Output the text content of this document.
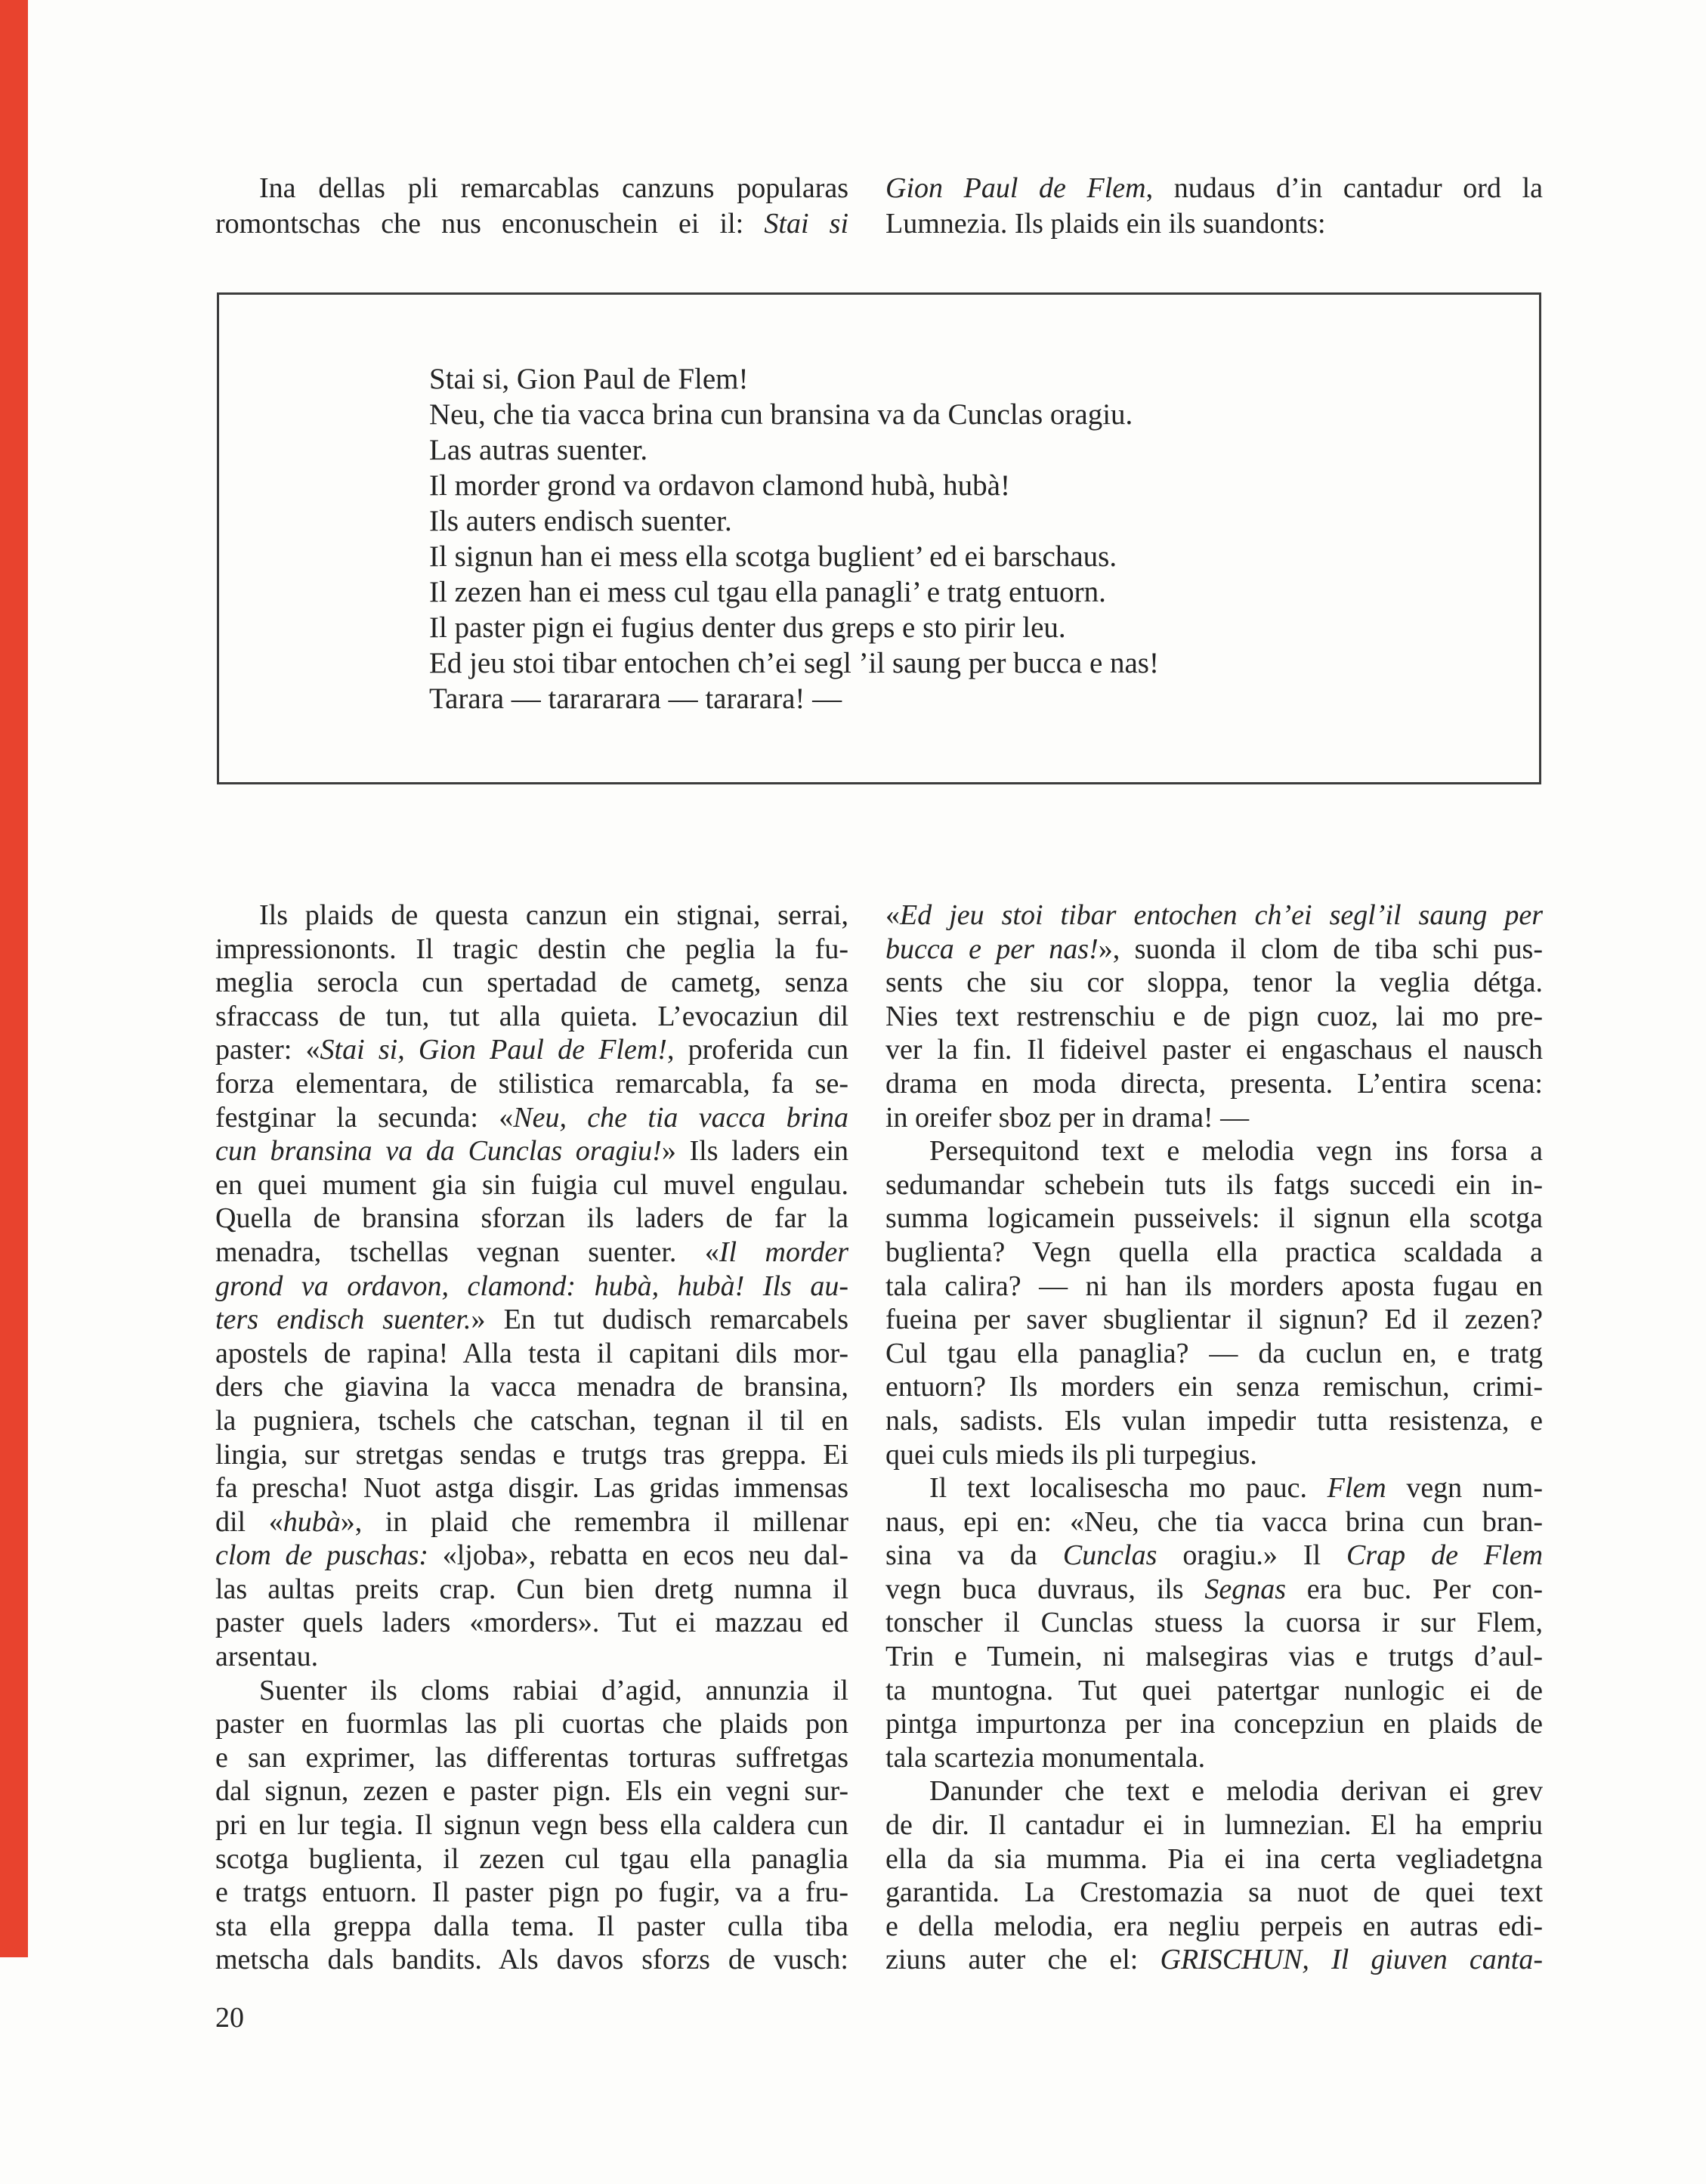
Ina dellas pli remarcablas canzuns popularas
romontschas che nus enconuschein ei il: Stai si
Gion Paul de Flem, nudaus d’in cantadur ord la
Lumnezia. Ils plaids ein ils suandonts:
Stai si, Gion Paul de Flem!
Neu, che tia vacca brina cun bransina va da Cunclas oragiu.
Las autras suenter.
Il morder grond va ordavon clamond hubà, hubà!
Ils auters endisch suenter.
Il signun han ei mess ella scotga buglient’ ed ei barschaus.
Il zezen han ei mess cul tgau ella panagli’ e tratg entuorn.
Il paster pign ei fugius denter dus greps e sto pirir leu.
Ed jeu stoi tibar entochen ch’ei segl ’il saung per bucca e nas!
Tarara — tarararara — tararara! —
Ils plaids de questa canzun ein stignai, serrai,
impressiononts. Il tragic destin che peglia la fu-
meglia serocla cun spertadad de cametg, senza
sfraccass de tun, tut alla quieta. L’evocaziun dil
paster: «Stai si, Gion Paul de Flem!, proferida cun
forza elementara, de stilistica remarcabla, fa se-
festginar la secunda: «Neu, che tia vacca brina
cun bransina va da Cunclas oragiu!» Ils laders ein
en quei mument gia sin fuigia cul muvel engulau.
Quella de bransina sforzan ils laders de far la
menadra, tschellas vegnan suenter. «Il morder
grond va ordavon, clamond: hubà, hubà! Ils au-
ters endisch suenter.» En tut dudisch remarcabels
apostels de rapina! Alla testa il capitani dils mor-
ders che giavina la vacca menadra de bransina,
la pugniera, tschels che catschan, tegnan il til en
lingia, sur stretgas sendas e trutgs tras greppa. Ei
fa prescha! Nuot astga disgir. Las gridas immensas
dil «hubà», in plaid che remembra il millenar
clom de puschas: «ljoba», rebatta en ecos neu dal-
las aultas preits crap. Cun bien dretg numna il
paster quels laders «morders». Tut ei mazzau ed
arsentau.
Suenter ils cloms rabiai d’agid, annunzia il
paster en fuormlas las pli cuortas che plaids pon
e san exprimer, las differentas torturas suffretgas
dal signun, zezen e paster pign. Els ein vegni sur-
pri en lur tegia. Il signun vegn bess ella caldera cun
scotga buglienta, il zezen cul tgau ella panaglia
e tratgs entuorn. Il paster pign po fugir, va a fru-
sta ella greppa dalla tema. Il paster culla tiba
metscha dals bandits. Als davos sforzs de vusch:
«Ed jeu stoi tibar entochen ch’ei segl’il saung per
bucca e per nas!», suonda il clom de tiba schi pus-
sents che siu cor sloppa, tenor la veglia détga.
Nies text restrenschiu e de pign cuoz, lai mo pre-
ver la fin. Il fideivel paster ei engaschaus el nausch
drama en moda directa, presenta. L’entira scena:
in oreifer sboz per in drama! —
Persequitond text e melodia vegn ins forsa a
sedumandar schebein tuts ils fatgs succedi ein in-
summa logicamein pusseivels: il signun ella scotga
buglienta? Vegn quella ella practica scaldada a
tala calira? — ni han ils morders aposta fugau en
fueina per saver sbuglientar il signun? Ed il zezen?
Cul tgau ella panaglia? — da cuclun en, e tratg
entuorn? Ils morders ein senza remischun, crimi-
nals, sadists. Els vulan impedir tutta resistenza, e
quei culs mieds ils pli turpegius.
Il text localisescha mo pauc. Flem vegn num-
naus, epi en: «Neu, che tia vacca brina cun bran-
sina va da Cunclas oragiu.» Il Crap de Flem
vegn buca duvraus, ils Segnas era buc. Per con-
tonscher il Cunclas stuess la cuorsa ir sur Flem,
Trin e Tumein, ni malsegiras vias e trutgs d’aul-
ta muntogna. Tut quei patertgar nunlogic ei de
pintga impurtonza per ina concepziun en plaids de
tala scartezia monumentala.
Danunder che text e melodia derivan ei grev
de dir. Il cantadur ei in lumnezian. El ha empriu
ella da sia mumma. Pia ei ina certa vegliadetgna
garantida. La Crestomazia sa nuot de quei text
e della melodia, era negliu perpeis en autras edi-
ziuns auter che el: GRISCHUN, Il giuven canta-
20
